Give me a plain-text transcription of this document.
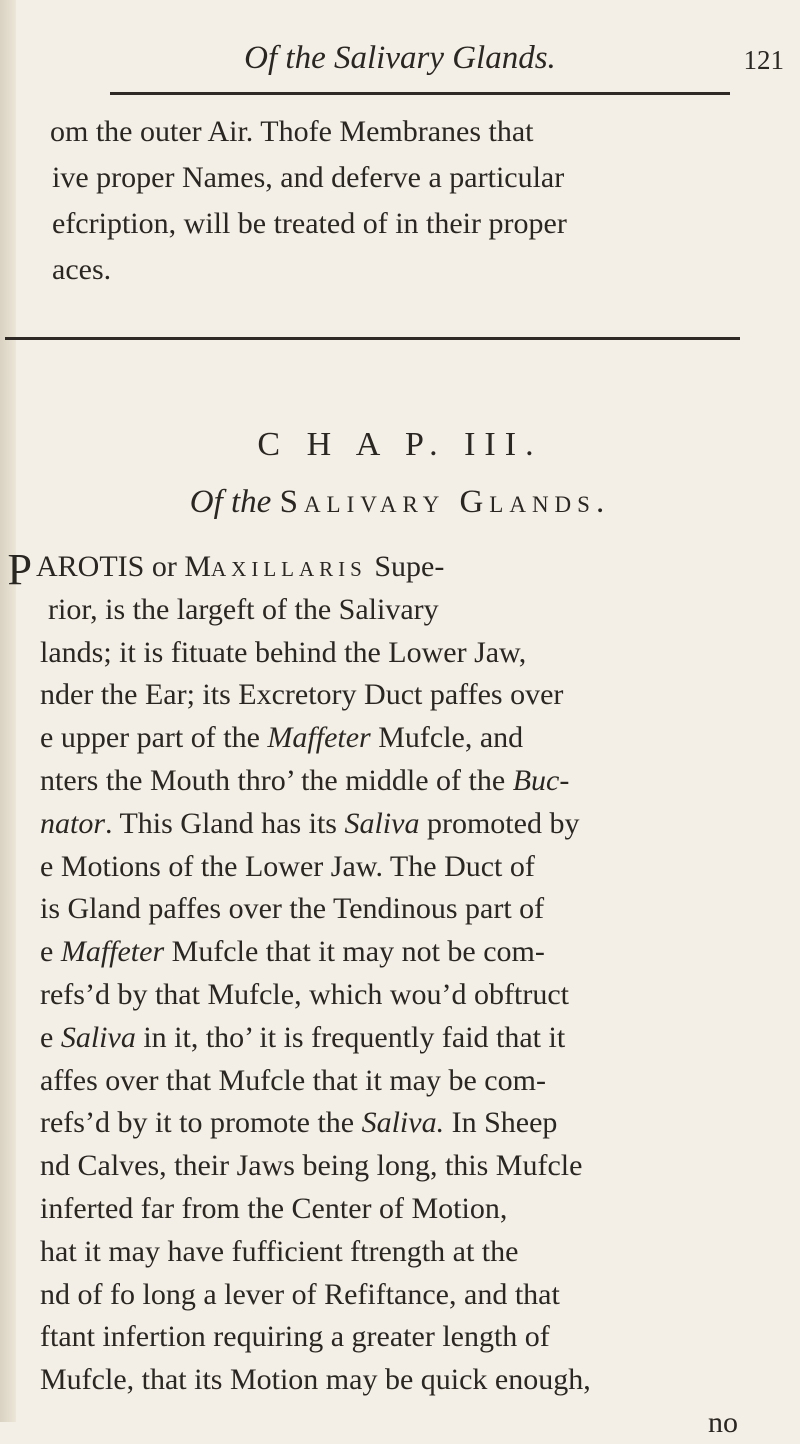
Of the Salivary Glands.	121
om the outer Air. Thofe Membranes that
ive proper Names, and deferve a particular
efcription, will be treated of in their proper
aces.
C H A P. III.
Of the Salivary Glands.
P AROTIS or Maxillaris Supe-
rior, is the largeft of the Salivary
lands; it is fituate behind the Lower Jaw,
nder the Ear; its Excretory Duct paffes over
e upper part of the Maffeter Mufcle, and
nters the Mouth thro’ the middle of the Buc-
nator. This Gland has its Saliva promoted by
e Motions of the Lower Jaw. The Duct of
is Gland paffes over the Tendinous part of
e Maffeter Mufcle that it may not be com-
refs’d by that Mufcle, which wou’d obftruct
e Saliva in it, tho’ it is frequently faid that it
affes over that Mufcle that it may be com-
refs’d by it to promote the Saliva. In Sheep
nd Calves, their Jaws being long, this Mufcle
inferted far from the Center of Motion,
hat it may have fufficient ftrength at the
nd of fo long a lever of Refiftance, and that
ftant infertion requiring a greater length of
Mufcle, that its Motion may be quick enough,
no
